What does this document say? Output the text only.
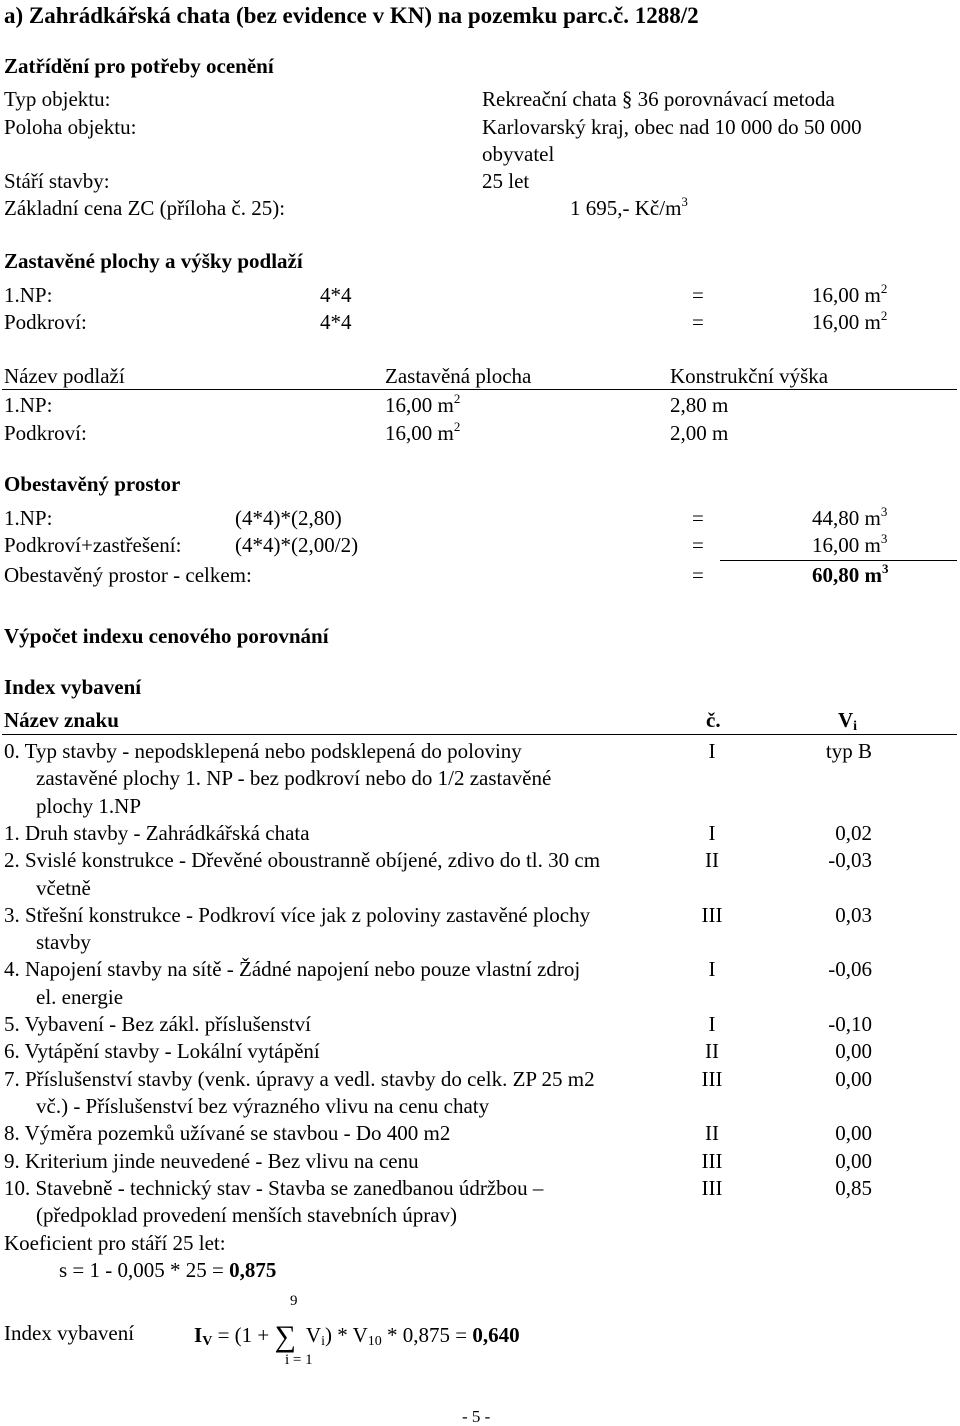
a) Zahrádkářská chata (bez evidence v KN) na pozemku parc.č. 1288/2
Zatřídění pro potřeby ocenění
Typ objektu:	Rekreační chata § 36 porovnávací metoda
Poloha objektu:	Karlovarský kraj, obec nad 10 000 do 50 000
obyvatel
Stáří stavby:	25 let
Základní cena ZC (příloha č. 25):	1 695,- $Kč/m^3$
Zastavěné plochy a výšky podlaží
1.NP:	4*4	=	16,00 $m^2$
Podkroví:	4*4	=	16,00 $m^2$
Název podlaží	Zastavěná plocha	Konstrukční výška
1.NP:	16,00 $m^2$	2,80 m
Podkroví:	16,00 $m^2$	2,00 m
Obestavěný prostor
1.NP:	(4*4)*(2,80)	=	44,80 $m^3$
Podkroví+zastřešení:	(4*4)*(2,00/2)	=	16,00 $m^3$
Obestavěný prostor - celkem:	=	60,80 $m^3$
Výpočet indexu cenového porovnání
Index vybavení
Název znaku	č.	$V_i$
0. Typ stavby - nepodsklepená nebo podsklepená do poloviny
zastavěné plochy 1. NP - bez podkroví nebo do 1/2 zastavěné
plochy 1.NP
I	typ B
1. Druh stavby - Zahrádkářská chata	I	0,02
2. Svislé konstrukce - Dřevěné oboustranně obíjené, zdivo do tl. 30 cm
včetně
II	-0,03
3. Střešní konstrukce - Podkroví více jak z poloviny zastavěné plochy
stavby
III	0,03
4. Napojení stavby na sítě - Žádné napojení nebo pouze vlastní zdroj
el. energie
I	-0,06
5. Vybavení - Bez zákl. příslušenství	I	-0,10
6. Vytápění stavby - Lokální vytápění	II	0,00
7. Příslušenství stavby (venk. úpravy a vedl. stavby do celk. ZP 25 m2
vč.) - Příslušenství bez výrazného vlivu na cenu chaty
III	0,00
8. Výměra pozemků užívané se stavbou - Do 400 m2	II	0,00
9. Kriterium jinde neuvedené - Bez vlivu na cenu	III	0,00
10. Stavebně - technický stav - Stavba se zanedbanou údržbou –
(předpoklad provedení menších stavebních úprav)
III	0,85
Koeficient pro stáří 25 let:
s = 1 - 0,005 * 25 = 0,875
Index vybavení
9
i = 1
$I_V = (1$ + ∑ $V_i) * V_{10} * 0,875 = 0,640$
- 5 -
